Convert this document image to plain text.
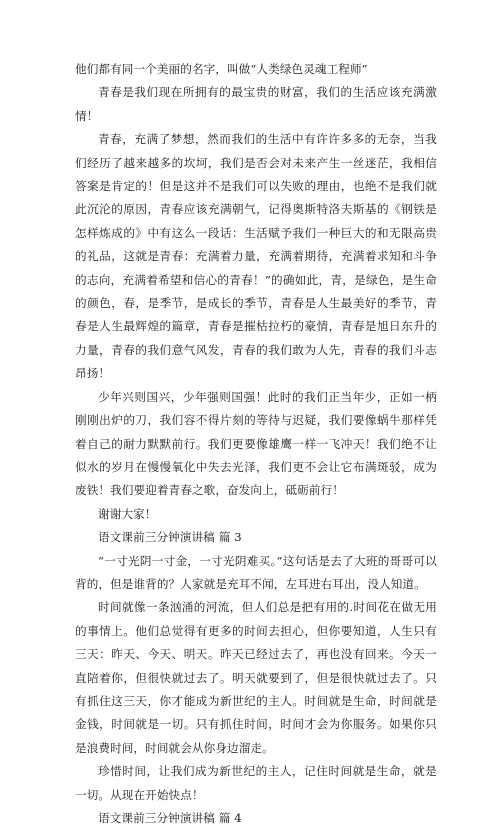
他们都有同一个美丽的名字，叫做“人类绿色灵魂工程师”

青春是我们现在所拥有的最宝贵的财富，我们的生活应该充满激情！

青春，充满了梦想，然而我们的生活中有许许多多的无奈，当我们经历了越来越多的坎坷，我们是否会对未来产生一丝迷茫，我相信答案是肯定的！但是这并不是我们可以失败的理由，也绝不是我们就此沉沦的原因，青春应该充满朝气，记得奥斯特洛夫斯基的《钢铁是怎样炼成的》中有这么一段话：生活赋予我们一种巨大的和无限高贵的礼品，这就是青春：充满着力量，充满着期待，充满着求知和斗争的志向，充满着希望和信心的青春！”的确如此，青，是绿色，是生命的颜色，春，是季节，是成长的季节，青春是人生最美好的季节，青春是人生最辉煌的篇章，青春是摧枯拉朽的豪情，青春是旭日东升的力量，青春的我们意气风发，青春的我们敢为人先，青春的我们斗志昂扬！

少年兴则国兴，少年强则国强！此时的我们正当年少，正如一柄刚刚出炉的刀，我们容不得片刻的等待与迟疑，我们要像蜗牛那样凭着自己的耐力默默前行。我们更要像雄鹰一样一飞冲天！我们绝不让似水的岁月在慢慢氧化中失去光泽，我们更不会让它布满斑驳，成为废铁！我们要迎着青春之歌，奋发向上，砥砺前行！

谢谢大家！

语文课前三分钟演讲稿 篇 3

“一寸光阴一寸金，一寸光阴难买。”这句话是去了大班的哥哥可以背的，但是谁背的？人家就是充耳不闻，左耳进右耳出，没人知道。

时间就像一条汹涌的河流，但人们总是把有用的.时间花在做无用的事情上。他们总觉得有更多的时间去担心，但你要知道，人生只有三天：昨天、今天、明天。昨天已经过去了，再也没有回来。今天一直陪着你，但很快就过去了。明天就要到了，但是很快就过去了。只有抓住这三天，你才能成为新世纪的主人。时间就是生命，时间就是金钱，时间就是一切。只有抓住时间，时间才会为你服务。如果你只是浪费时间，时间就会从你身边溜走。

珍惜时间，让我们成为新世纪的主人，记住时间就是生命，就是一切。从现在开始快点！

语文课前三分钟演讲稿 篇 4
